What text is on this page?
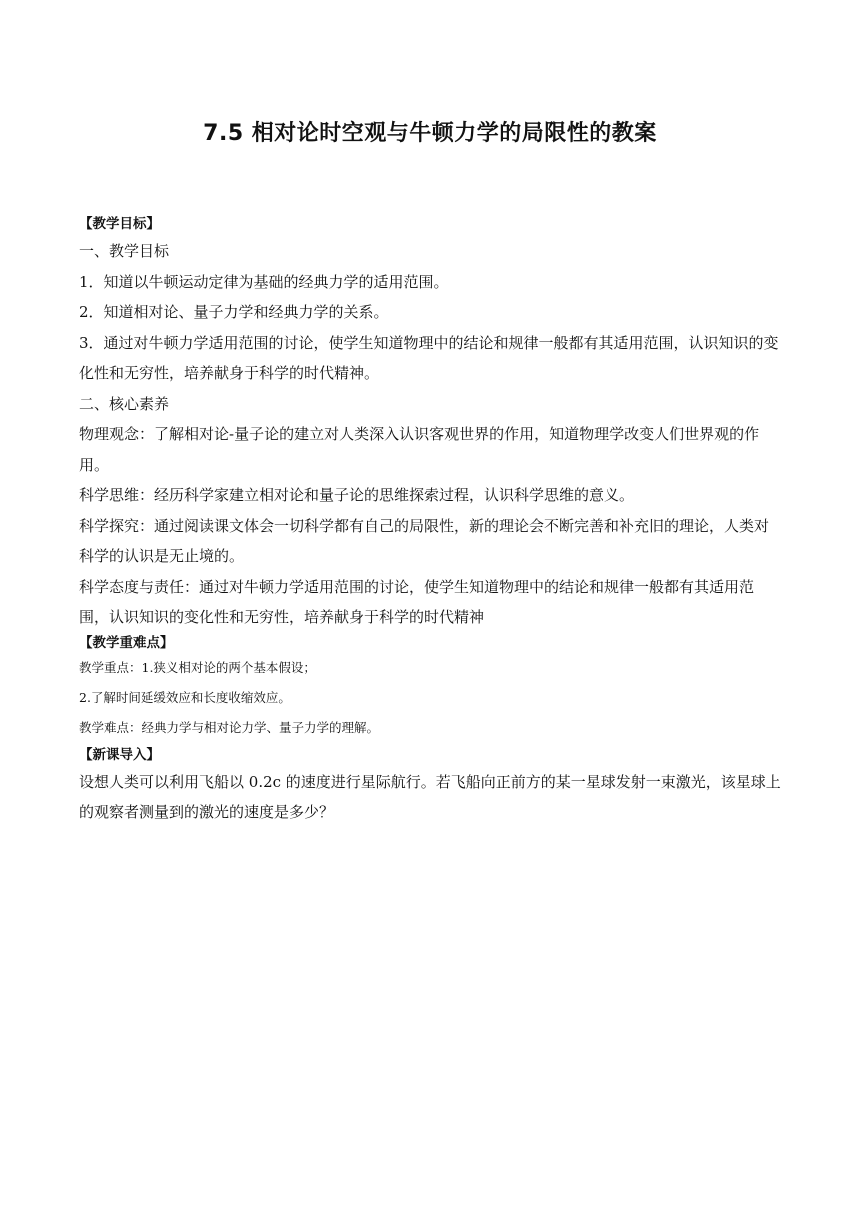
7.5 相对论时空观与牛顿力学的局限性的教案
【教学目标】

一、教学目标

1．知道以牛顿运动定律为基础的经典力学的适用范围。

2．知道相对论、量子力学和经典力学的关系。

3．通过对牛顿力学适用范围的讨论，使学生知道物理中的结论和规律一般都有其适用范围，认识知识的变化性和无穷性，培养献身于科学的时代精神。

二、核心素养

物理观念：了解相对论-量子论的建立对人类深入认识客观世界的作用，知道物理学改变人们世界观的作用。

科学思维：经历科学家建立相对论和量子论的思维探索过程，认识科学思维的意义。

科学探究：通过阅读课文体会一切科学都有自己的局限性，新的理论会不断完善和补充旧的理论，人类对科学的认识是无止境的。

科学态度与责任：通过对牛顿力学适用范围的讨论，使学生知道物理中的结论和规律一般都有其适用范围，认识知识的变化性和无穷性，培养献身于科学的时代精神

【教学重难点】

教学重点：1.狭义相对论的两个基本假设；

2.了解时间延缓效应和长度收缩效应。

教学难点：经典力学与相对论力学、量子力学的理解。

【新课导入】

设想人类可以利用飞船以 0.2c 的速度进行星际航行。若飞船向正前方的某一星球发射一束激光，该星球上的观察者测量到的激光的速度是多少？
